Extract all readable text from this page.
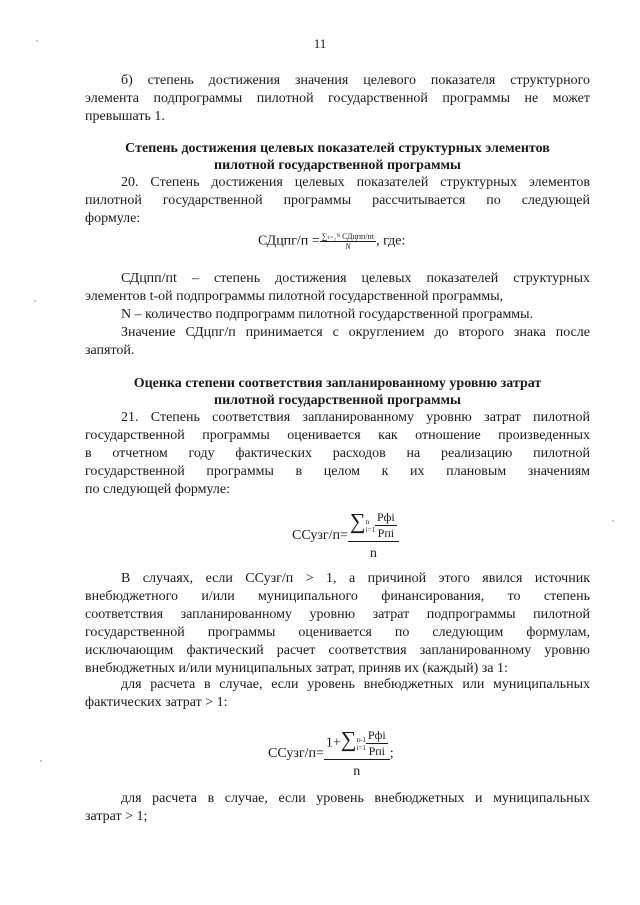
11
б) степень достижения значения целевого показателя структурного
элемента подпрограммы пилотной государственной программы не может
превышать 1.
Степень достижения целевых показателей структурных элементов
пилотной государственной программы
20. Степень достижения целевых показателей структурных элементов
пилотной государственной программы рассчитывается по следующей
формуле:
СДцпг/п = $\frac{\text{∑ₜ₌₁ᴺ СДцпп/пt}}{N}$ , где:
СДцпп/пt – степень достижения целевых показателей структурных
элементов t-ой подпрограммы пилотной государственной программы,
N – количество подпрограмм пилотной государственной программы.
Значение СДцпг/п принимается с округлением до второго знака после
запятой.
Оценка степени соответствия запланированному уровню затрат
пилотной государственной программы
21. Степень соответствия запланированному уровню затрат пилотной
государственной программы оценивается как отношение произведенных
в отчетном году фактических расходов на реализацию пилотной
государственной программы в целом к их плановым значениям
по следующей формуле:
ССузг/п= ∑ n
$i=1 \frac{\text{Рфi}}{\text{Рпi}}$
n
В случаях, если ССузг/п > 1, а причиной этого явился источник
внебюджетного и/или муниципального финансирования, то степень
соответствия запланированному уровню затрат подпрограммы пилотной
государственной программы оценивается по следующим формулам,
исключающим фактический расчет соответствия запланированному уровню
внебюджетных и/или муниципальных затрат, приняв их (каждый) за 1:
для расчета в случае, если уровень внебюджетных или муниципальных
фактических затрат > 1:
ССузг/п= 1+∑ n-1
$i=1 \frac{\text{Рфi}}{\text{Рпi}}$
n ;
для расчета в случае, если уровень внебюджетных и муниципальных
затрат > 1;
